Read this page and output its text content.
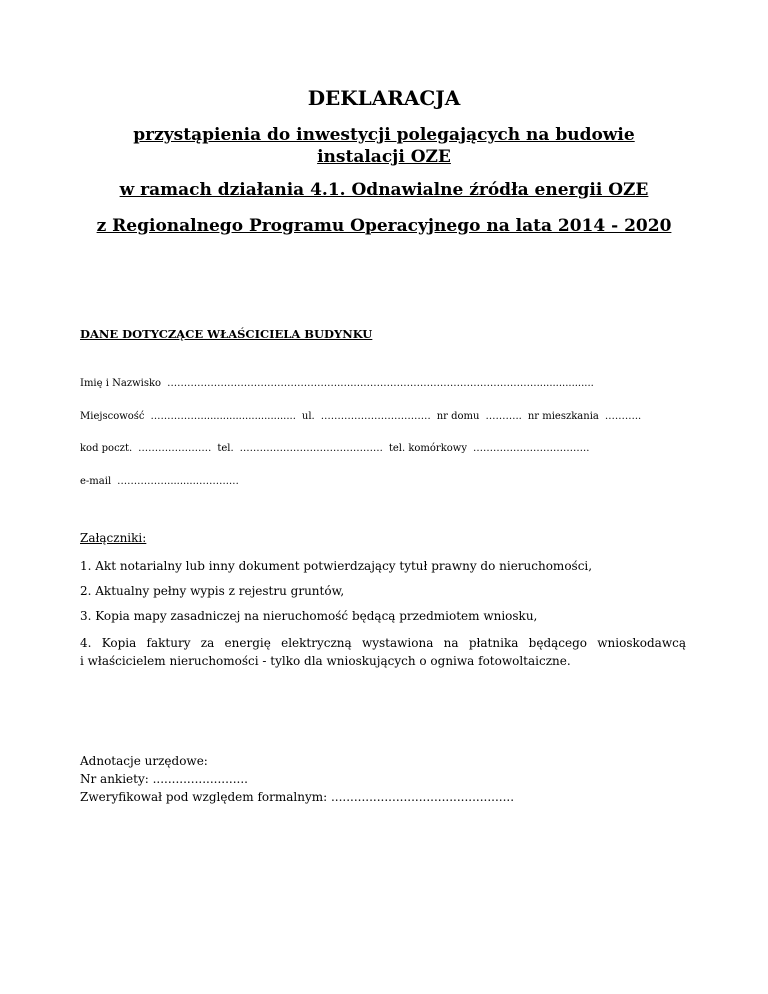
DEKLARACJA
przystąpienia do inwestycji polegających na budowie
instalacji OZE
w ramach działania 4.1. Odnawialne źródła energii OZE
z Regionalnego Programu Operacyjnego na lata 2014 - 2020
DANE DOTYCZĄCE WŁAŚCICIELA BUDYNKU
Imię i Nazwisko …………………………………………….….….……………………………………………..................
Miejscowość …………….............................. ul. …………………………… nr domu ……….. nr mieszkania ………..
kod poczt. ……….………… tel. ……………………………………. tel. komórkowy ……………………………..
e-mail …………….........……….…
Załączniki:
1. Akt notarialny lub inny dokument potwierdzający tytuł prawny do nieruchomości,
2. Aktualny pełny wypis z rejestru gruntów,
3. Kopia mapy zasadniczej na nieruchomość będącą przedmiotem wniosku,
4. Kopia faktury za energię elektryczną wystawiona na płatnika będącego wnioskodawcą
i właścicielem nieruchomości - tylko dla wnioskujących o ogniwa fotowoltaiczne.
Adnotacje urzędowe:
Nr ankiety: .........................
Zweryfikował pod względem formalnym: ................................................
